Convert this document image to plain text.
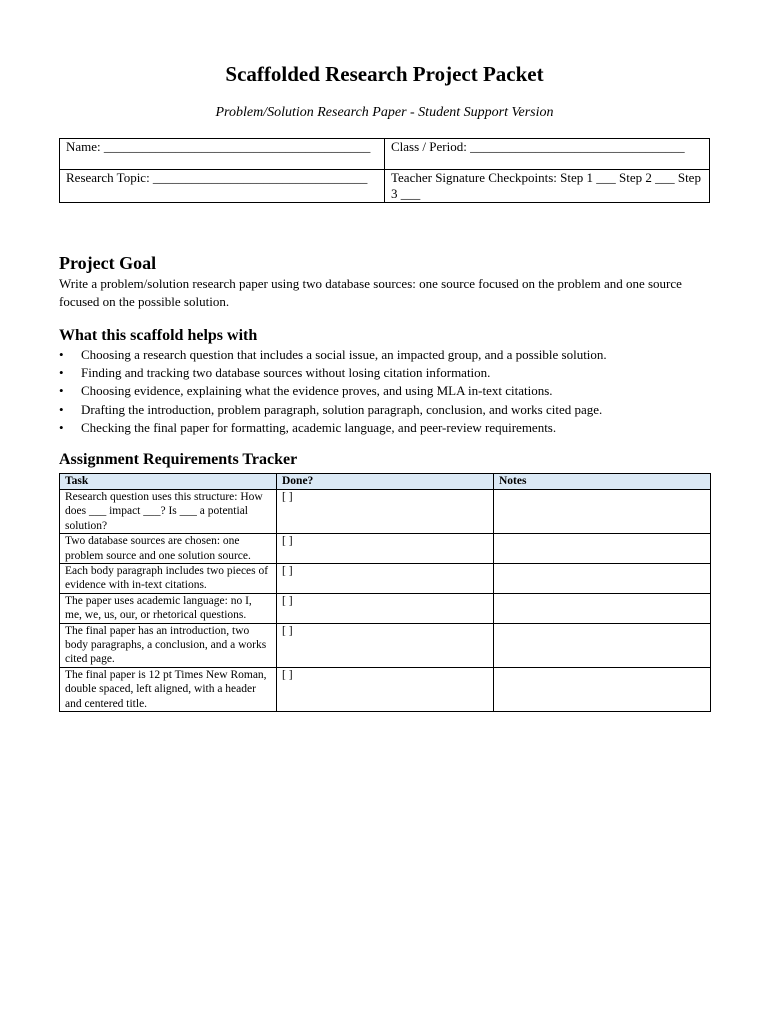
Scaffolded Research Project Packet

Problem/Solution Research Paper - Student Support Version

Name: _________________________________________	Class / Period: _________________________________
Research Topic: _________________________________	Teacher Signature Checkpoints: Step 1 ___ Step 2 ___ Step 3 ___
Project Goal

Write a problem/solution research paper using two database sources: one source focused on the problem and one source focused on the possible solution.

What this scaffold helps with
•	Choosing a research question that includes a social issue, an impacted group, and a possible solution.
•	Finding and tracking two database sources without losing citation information.
•	Choosing evidence, explaining what the evidence proves, and using MLA in-text citations.
•	Drafting the introduction, problem paragraph, solution paragraph, conclusion, and works cited page.
•	Checking the final paper for formatting, academic language, and peer-review requirements.
Assignment Requirements Tracker
Task	Done?	Notes
Research question uses this structure: How does ___ impact ___? Is ___ a potential solution?	[ ]	
Two database sources are chosen: one problem source and one solution source.	[ ]	
Each body paragraph includes two pieces of evidence with in-text citations.	[ ]	
The paper uses academic language: no I, me, we, us, our, or rhetorical questions.	[ ]	
The final paper has an introduction, two body paragraphs, a conclusion, and a works cited page.	[ ]	
The final paper is 12 pt Times New Roman, double spaced, left aligned, with a header and centered title.	[ ]	
